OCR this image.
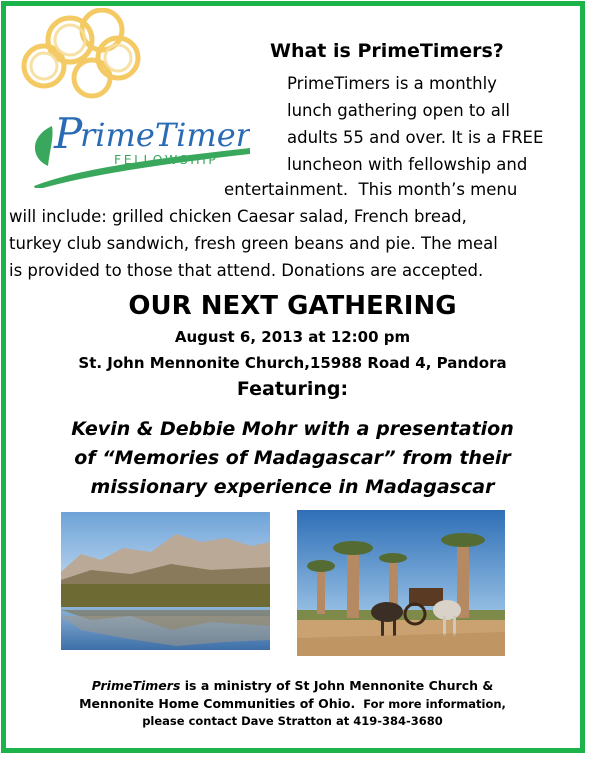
P
rimeTimers
FELLOWSHIP
What is PrimeTimers?
PrimeTimers is a monthly
lunch gathering open to all
adults 55 and over. It is a FREE
luncheon with fellowship and
entertainment.  This month’s menu
will include: grilled chicken Caesar salad, French bread,
turkey club sandwich, fresh green beans and pie. The meal
is provided to those that attend. Donations are accepted.
OUR NEXT GATHERING
August 6, 2013 at 12:00 pm
St. John Mennonite Church,15988 Road 4, Pandora
Featuring:
Kevin & Debbie Mohr with a presentation
of “Memories of Madagascar” from their
missionary experience in Madagascar
PrimeTimers is a ministry of St John Mennonite Church &
Mennonite Home Communities of Ohio.  For more information,
please contact Dave Stratton at 419-384-3680
